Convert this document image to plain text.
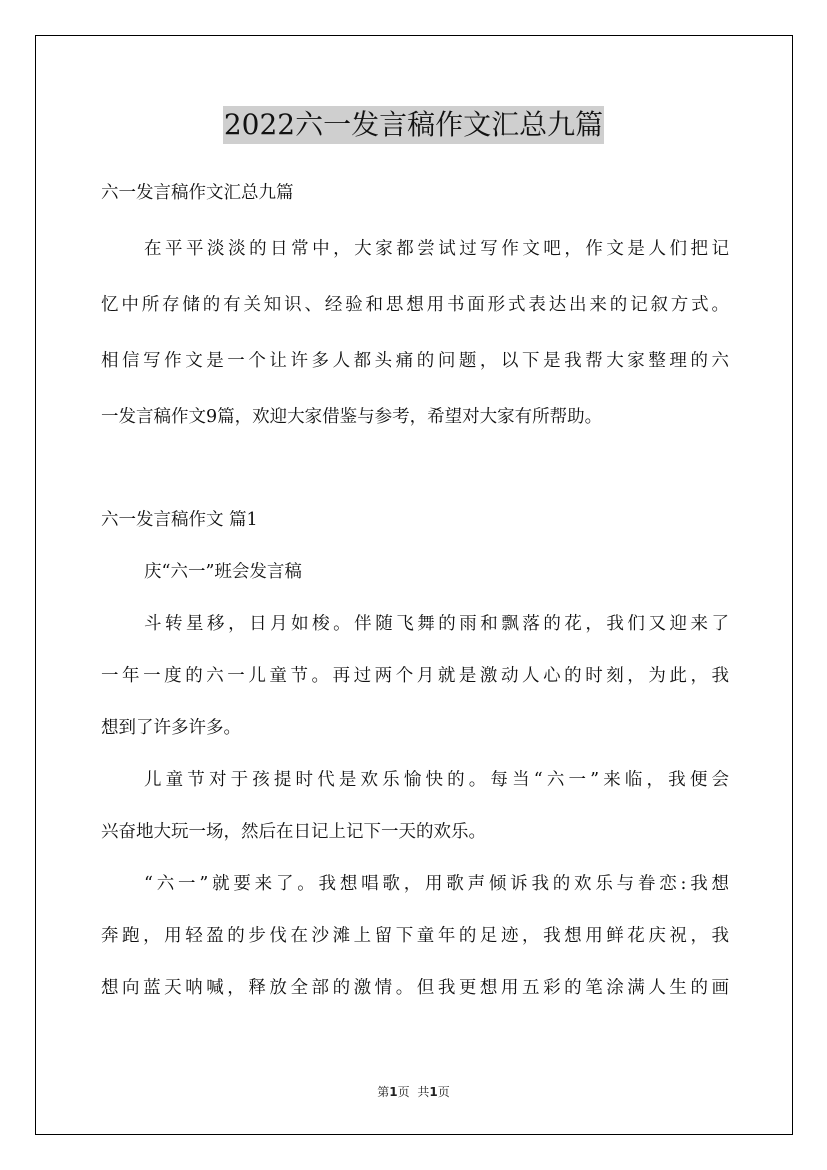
2022六一发言稿作文汇总九篇

六一发言稿作文汇总九篇

在平平淡淡的日常中，大家都尝试过写作文吧，作文是人们把记

忆中所存储的有关知识、经验和思想用书面形式表达出来的记叙方式。

相信写作文是一个让许多人都头痛的问题，以下是我帮大家整理的六

一发言稿作文9篇，欢迎大家借鉴与参考，希望对大家有所帮助。

六一发言稿作文 篇1

庆“六一”班会发言稿

斗转星移，日月如梭。伴随飞舞的雨和飘落的花，我们又迎来了

一年一度的六一儿童节。再过两个月就是激动人心的时刻，为此，我

想到了许多许多。

儿童节对于孩提时代是欢乐愉快的。每当“六一”来临，我便会

兴奋地大玩一场，然后在日记上记下一天的欢乐。

“六一”就要来了。我想唱歌，用歌声倾诉我的欢乐与眷恋:我想

奔跑，用轻盈的步伐在沙滩上留下童年的足迹，我想用鲜花庆祝，我

想向蓝天呐喊，释放全部的激情。但我更想用五彩的笔涂满人生的画

第1页 共1页
